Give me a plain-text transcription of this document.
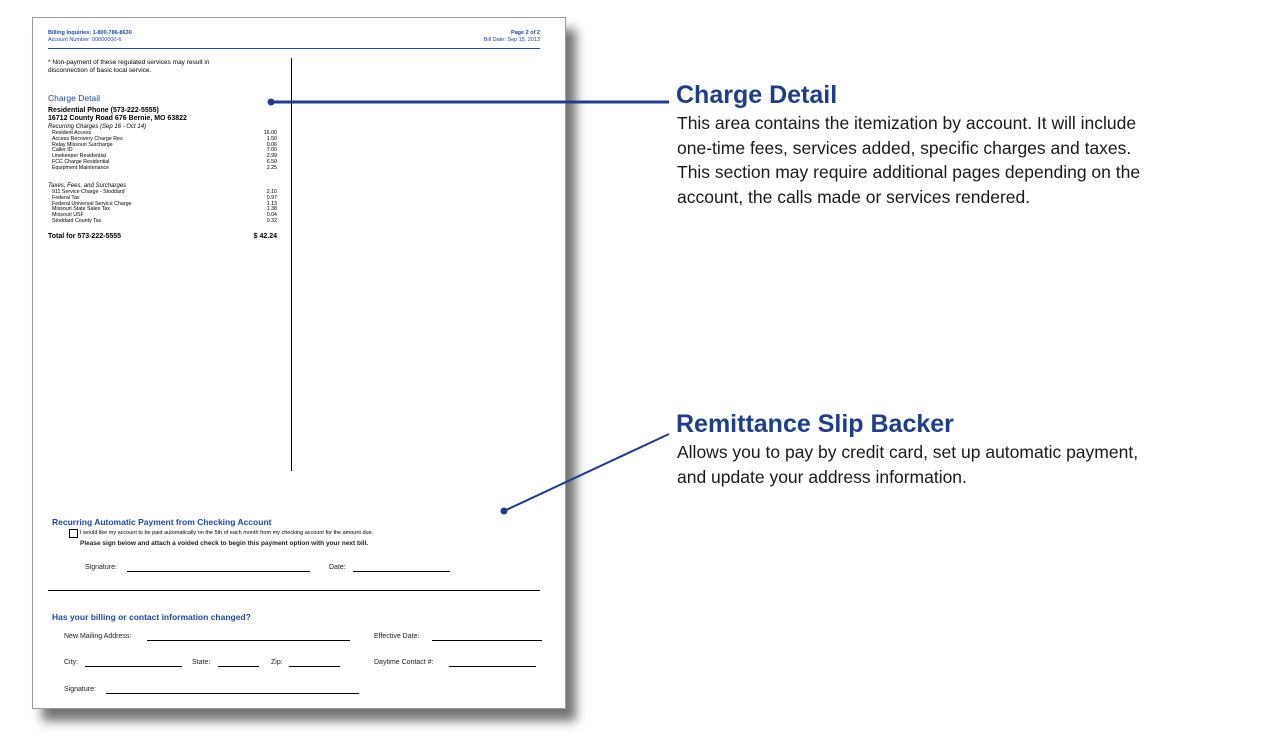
Billing Inquiries: 1-800-786-8630
Account Number: 00000000-6
Page 2 of 2
Bill Date: Sep 15, 2013
* Non-payment of these regulated services may result in
disconnection of basic local service.
Charge Detail
Residential Phone (573-222-5555)
16712 County Road 676 Bernie, MO 63822
Recurring Charges (Sep 16 - Oct 14)
Resident Access	16.00
Access Recovery Charge Res	1.50
Relay Missouri Surcharge	0.06
Caller ID	7.00
Linekeeper Residential	2.99
FCC Charge Residential	6.50
Equipment Maintenance	2.25
Taxes, Fees, and Surcharges
911 Service Charge - Stoddard	2.10
Federal Tax	0.97
Federal Universal Service Charge	1.13
Missouri State Sales Tax	1.38
Missouri USF	0.04
Stoddard County Tax	0.32
Total for 573-222-5555	$ 42.24
Recurring Automatic Payment from Checking Account
I would like my account to be paid automatically on the 5th of each month from my checking account for the amount due.
Please sign below and attach a voided check to begin this payment option with your next bill.
Signature:	Date:
Has your billing or contact information changed?
New Mailing Address:	Effective Date:
City:	State:	Zip:	Daytime Contact #:
Signature:
Charge Detail
This area contains the itemization by account. It will include
one-time fees, services added, specific charges and taxes.
This section may require additional pages depending on the
account, the calls made or services rendered.
Remittance Slip Backer
Allows you to pay by credit card, set up automatic payment,
and update your address information.
